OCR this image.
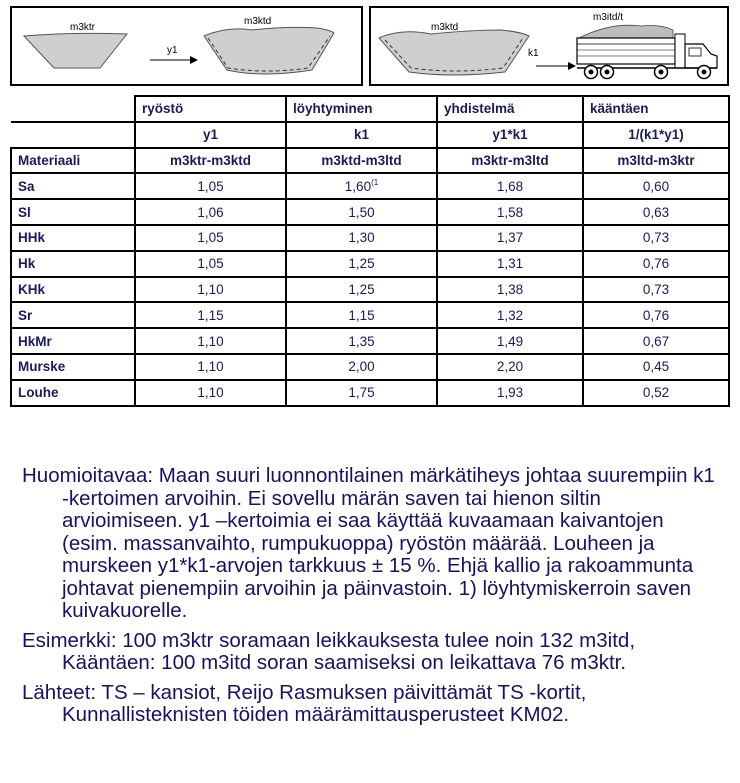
m3ktr
y1
m3ktd
m3ktd
k1
m3itd/t
	ryöstö	löyhtyminen	yhdistelmä	kääntäen
	y1	k1	y1*k1	1/(k1*y1)
Materiaali	m3ktr-m3ktd	m3ktd-m3ltd	m3ktr-m3ltd	m3ltd-m3ktr
Sa	1,05	1,60$^{(1}$	1,68	0,60
Sl	1,06	1,50	1,58	0,63
HHk	1,05	1,30	1,37	0,73
Hk	1,05	1,25	1,31	0,76
KHk	1,10	1,25	1,38	0,73
Sr	1,15	1,15	1,32	0,76
HkMr	1,10	1,35	1,49	0,67
Murske	1,10	2,00	2,20	0,45
Louhe	1,10	1,75	1,93	0,52

Huomioitavaa: Maan suuri luonnontilainen märkätiheys johtaa suurempiin k1 -kertoimen arvoihin. Ei sovellu märän saven tai hienon siltin arvioimiseen. y1 –kertoimia ei saa käyttää kuvaamaan kaivantojen (esim. massanvaihto, rumpukuoppa) ryöstön määrää. Louheen ja murskeen y1*k1-arvojen tarkkuus ± 15 %. Ehjä kallio ja rakoammunta johtavat pienempiin arvoihin ja päinvastoin. 1) löyhtymiskerroin saven kuivakuorelle.

Esimerkki: 100 m3ktr soramaan leikkauksesta tulee noin 132 m3itd, Kääntäen: 100 m3itd soran saamiseksi on leikattava 76 m3ktr.

Lähteet: TS – kansiot, Reijo Rasmuksen päivittämät TS -kortit, Kunnallisteknisten töiden määrämittausperusteet KM02.
